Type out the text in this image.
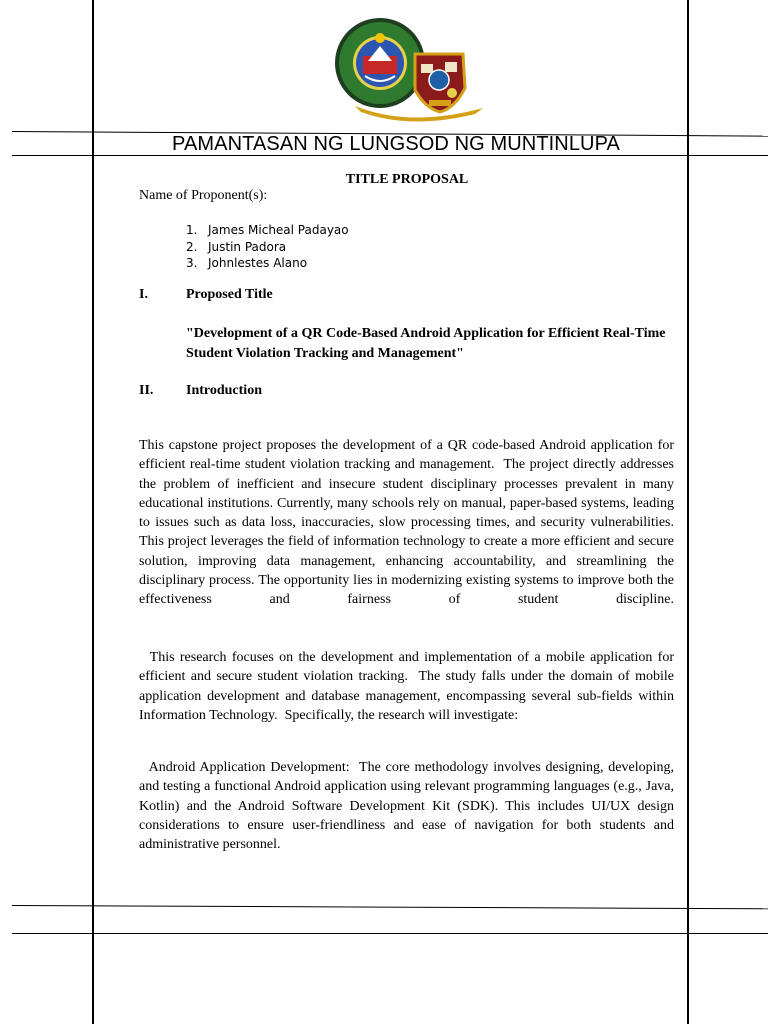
PAMANTASAN NG LUNGSOD NG MUNTINLUPA
TITLE PROPOSAL
Name of Proponent(s):
1. James Micheal Padayao
2. Justin Padora
3. Johnlestes Alano
I.	Proposed Title
"Development of a QR Code-Based Android Application for Efficient Real-Time Student Violation Tracking and Management"
II. Introduction
This capstone project proposes the development of a QR code-based Android application for efficient real-time student violation tracking and management.  The project directly addresses the problem of inefficient and insecure student disciplinary processes prevalent in many educational institutions. Currently, many schools rely on manual, paper-based systems, leading to issues such as data loss, inaccuracies, slow processing times, and security vulnerabilities.  This project leverages the field of information technology to create a more efficient and secure solution, improving data management, enhancing accountability, and streamlining the disciplinary process. The opportunity lies in modernizing existing systems to improve both the effectiveness and fairness of student discipline.
This research focuses on the development and implementation of a mobile application for efficient and secure student violation tracking.  The study falls under the domain of mobile application development and database management, encompassing several sub-fields within Information Technology.  Specifically, the research will investigate:
Android Application Development:  The core methodology involves designing, developing, and testing a functional Android application using relevant programming languages (e.g., Java, Kotlin) and the Android Software Development Kit (SDK). This includes UI/UX design considerations to ensure user-friendliness and ease of navigation for both students and administrative personnel.
